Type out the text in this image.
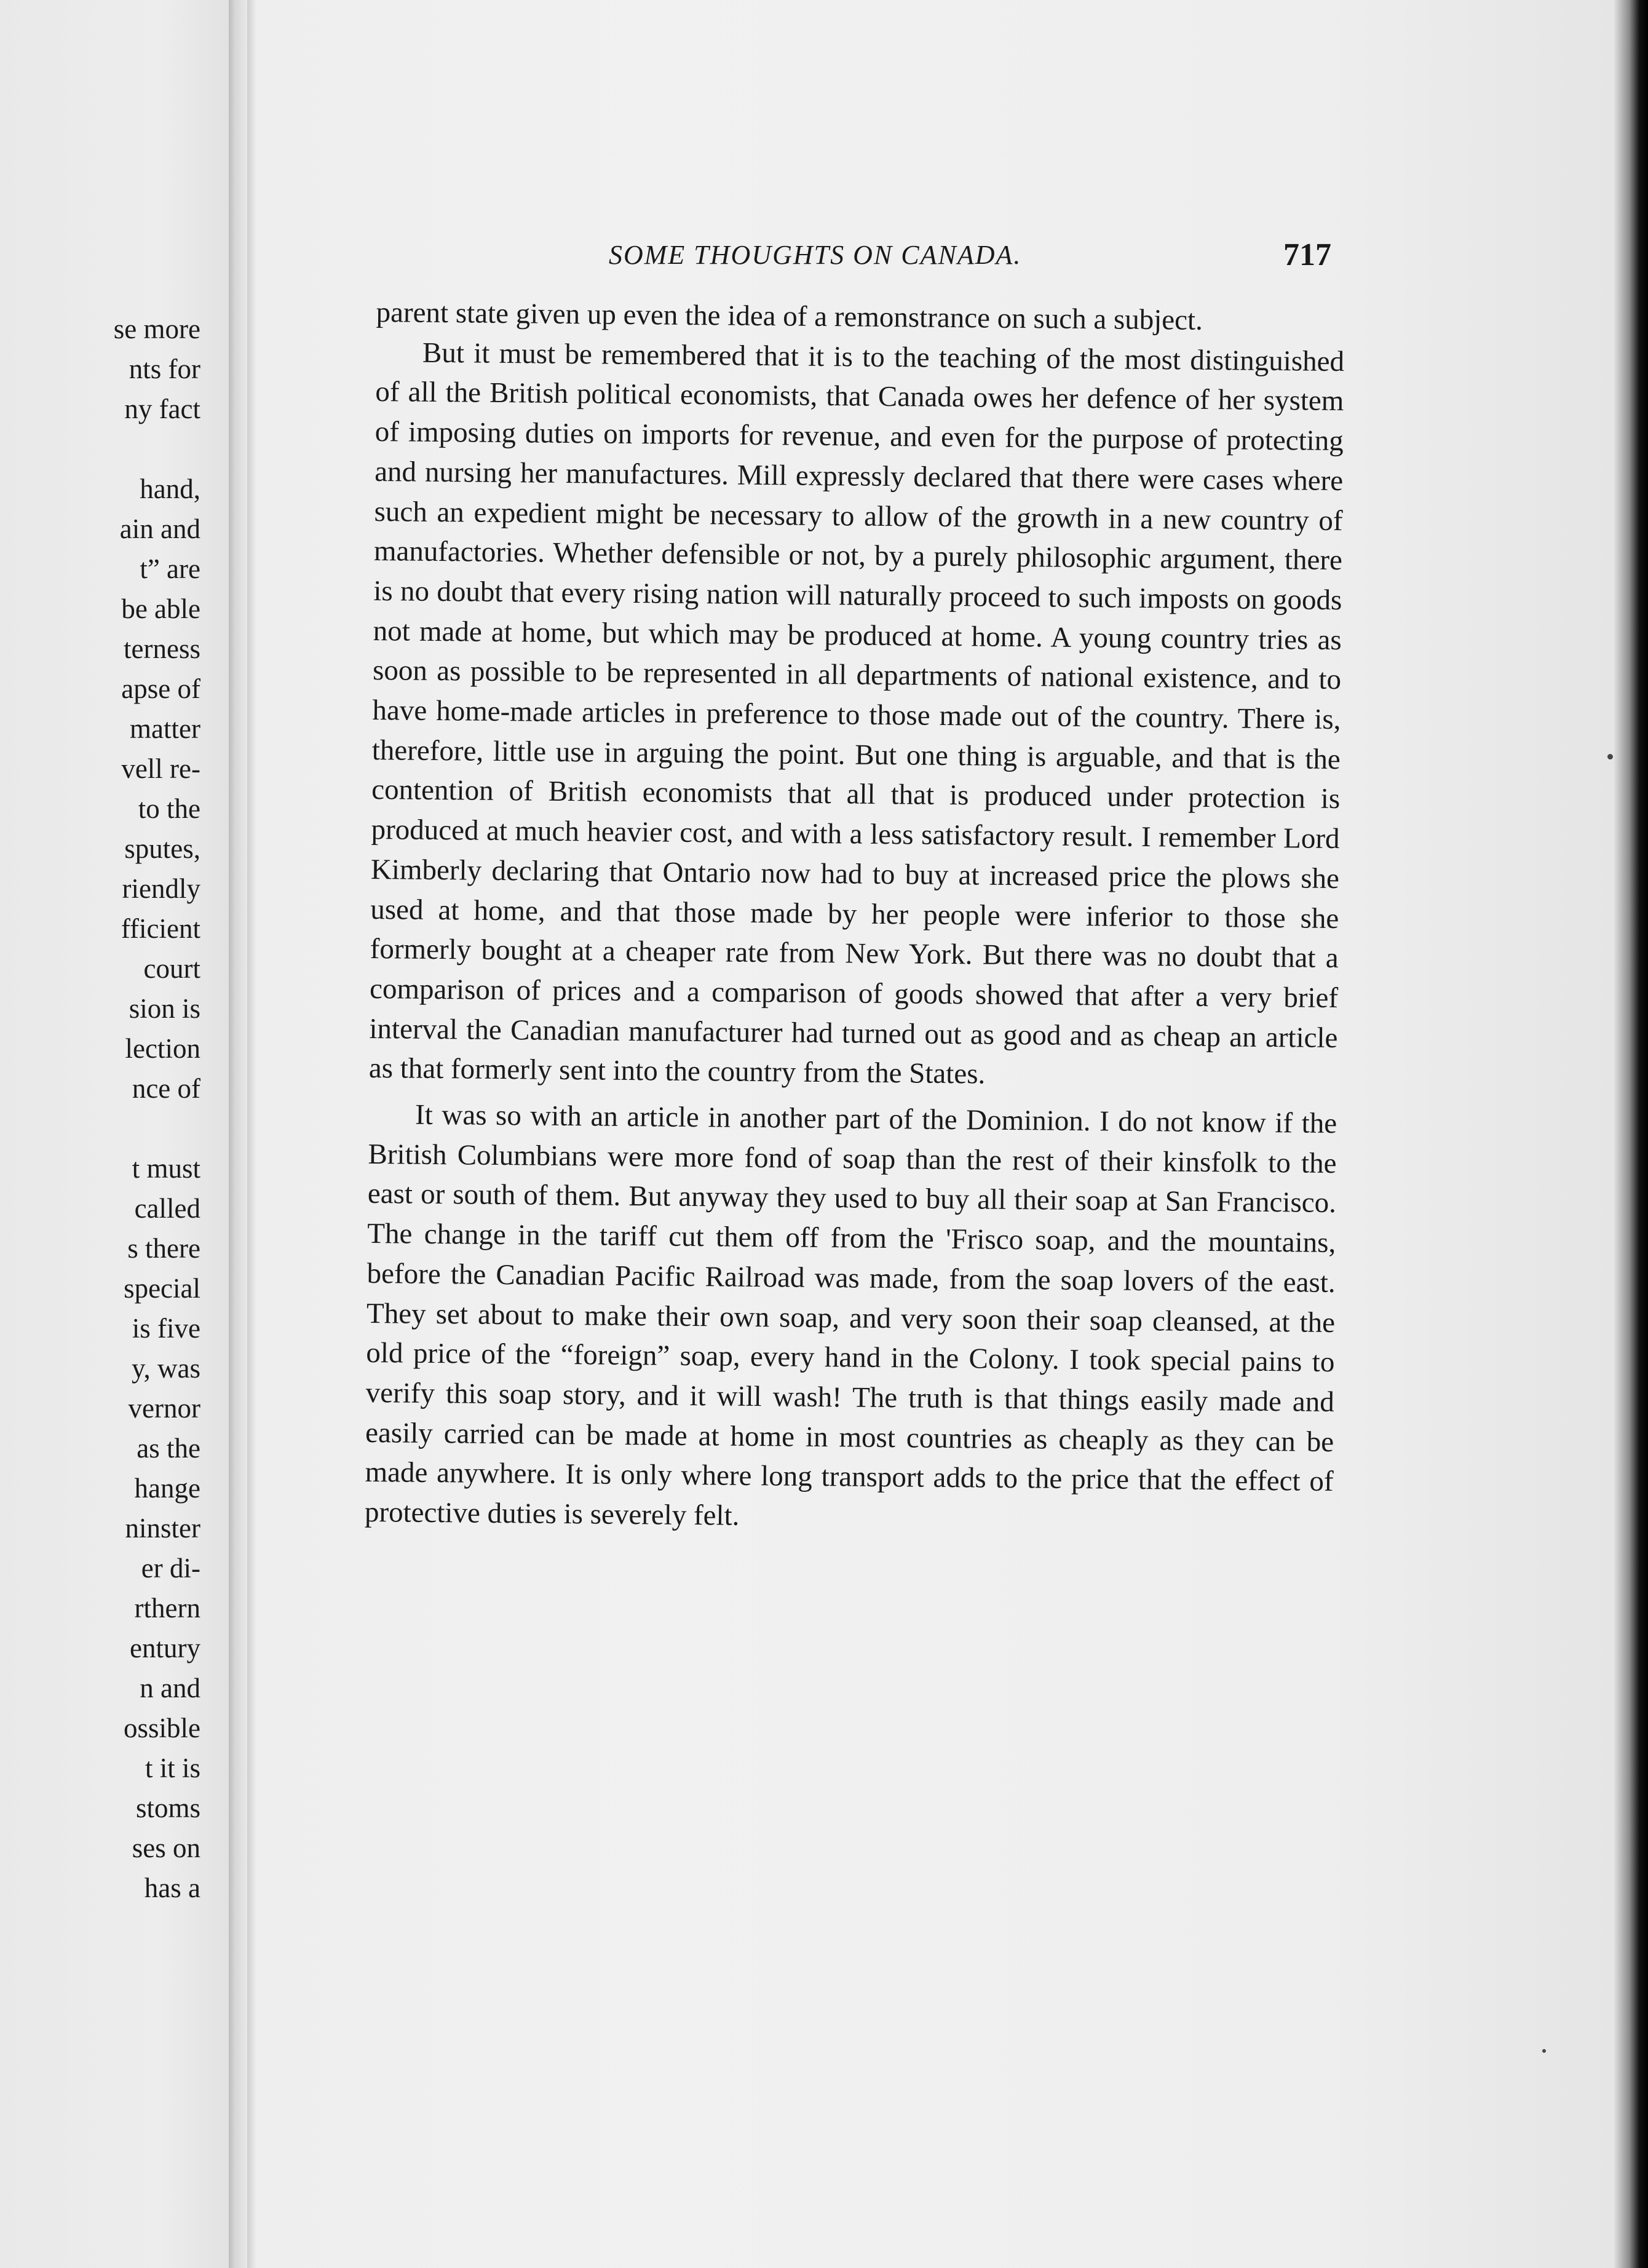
se more
nts for
ny fact
hand,
ain and
t” are
be able
terness
apse of
matter
vell re-
to the
sputes,
riendly
fficient
court
sion is
lection
nce of
t must
called
s there
special
is five
y, was
vernor
as the
hange
ninster
er di-
rthern
entury
n and
ossible
t it is
stoms
ses on
has a
SOME THOUGHTS ON CANADA.	717

parent state given up even the idea of a remonstrance on such a subject.

But it must be remembered that it is to the teaching of the most distinguished of all the British political economists, that Canada owes her defence of her system of imposing duties on imports for revenue, and even for the purpose of protecting and nursing her manufactures. Mill expressly declared that there were cases where such an expedient might be necessary to allow of the growth in a new country of manufactories. Whether defensible or not, by a purely philosophic argument, there is no doubt that every rising nation will naturally proceed to such imposts on goods not made at home, but which may be produced at home. A young country tries as soon as possible to be represented in all departments of national existence, and to have home-made articles in preference to those made out of the country. There is, therefore, little use in arguing the point. But one thing is arguable, and that is the contention of British economists that all that is produced under protection is produced at much heavier cost, and with a less satisfactory result. I remember Lord Kimberly declaring that Ontario now had to buy at increased price the plows she used at home, and that those made by her people were inferior to those she formerly bought at a cheaper rate from New York. But there was no doubt that a comparison of prices and a comparison of goods showed that after a very brief interval the Canadian manufacturer had turned out as good and as cheap an article as that formerly sent into the country from the States.

It was so with an article in another part of the Dominion. I do not know if the British Columbians were more fond of soap than the rest of their kinsfolk to the east or south of them. But anyway they used to buy all their soap at San Francisco. The change in the tariff cut them off from the 'Frisco soap, and the mountains, before the Canadian Pacific Railroad was made, from the soap lovers of the east. They set about to make their own soap, and very soon their soap cleansed, at the old price of the “foreign” soap, every hand in the Colony. I took special pains to verify this soap story, and it will wash! The truth is that things easily made and easily carried can be made at home in most countries as cheaply as they can be made anywhere. It is only where long transport adds to the price that the effect of protective duties is severely felt.
